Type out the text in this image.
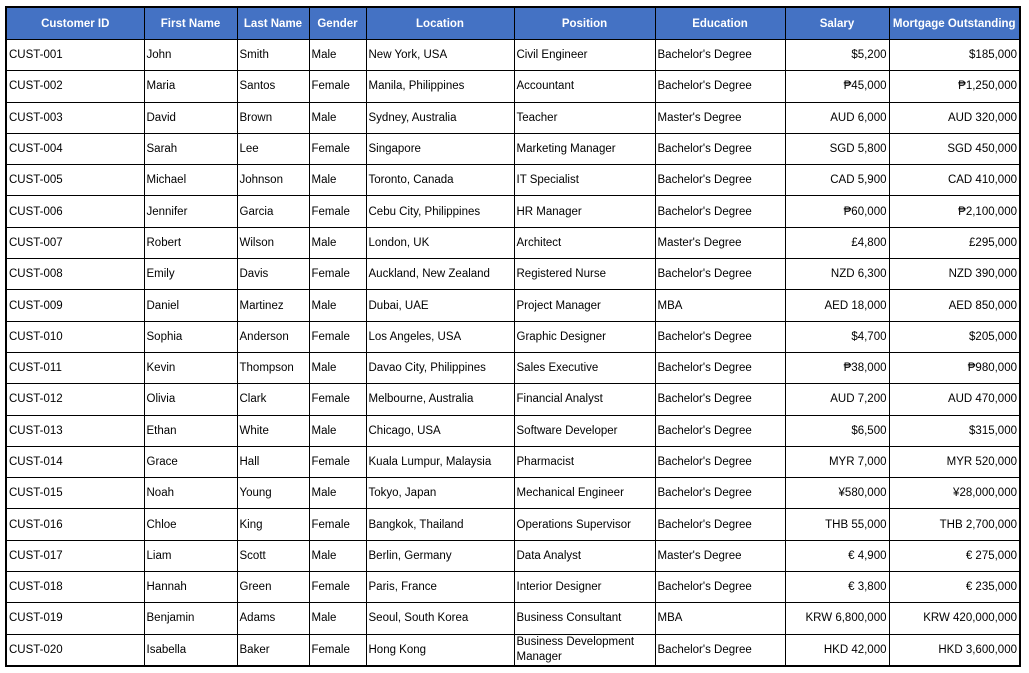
Customer ID	First Name	Last Name	Gender	Location	Position	Education	Salary	Mortgage Outstanding
CUST-001	John	Smith	Male	New York, USA	Civil Engineer	Bachelor's Degree	$5,200	$185,000
CUST-002	Maria	Santos	Female	Manila, Philippines	Accountant	Bachelor's Degree	₱45,000	₱1,250,000
CUST-003	David	Brown	Male	Sydney, Australia	Teacher	Master's Degree	AUD 6,000	AUD 320,000
CUST-004	Sarah	Lee	Female	Singapore	Marketing Manager	Bachelor's Degree	SGD 5,800	SGD 450,000
CUST-005	Michael	Johnson	Male	Toronto, Canada	IT Specialist	Bachelor's Degree	CAD 5,900	CAD 410,000
CUST-006	Jennifer	Garcia	Female	Cebu City, Philippines	HR Manager	Bachelor's Degree	₱60,000	₱2,100,000
CUST-007	Robert	Wilson	Male	London, UK	Architect	Master's Degree	£4,800	£295,000
CUST-008	Emily	Davis	Female	Auckland, New Zealand	Registered Nurse	Bachelor's Degree	NZD 6,300	NZD 390,000
CUST-009	Daniel	Martinez	Male	Dubai, UAE	Project Manager	MBA	AED 18,000	AED 850,000
CUST-010	Sophia	Anderson	Female	Los Angeles, USA	Graphic Designer	Bachelor's Degree	$4,700	$205,000
CUST-011	Kevin	Thompson	Male	Davao City, Philippines	Sales Executive	Bachelor's Degree	₱38,000	₱980,000
CUST-012	Olivia	Clark	Female	Melbourne, Australia	Financial Analyst	Bachelor's Degree	AUD 7,200	AUD 470,000
CUST-013	Ethan	White	Male	Chicago, USA	Software Developer	Bachelor's Degree	$6,500	$315,000
CUST-014	Grace	Hall	Female	Kuala Lumpur, Malaysia	Pharmacist	Bachelor's Degree	MYR 7,000	MYR 520,000
CUST-015	Noah	Young	Male	Tokyo, Japan	Mechanical Engineer	Bachelor's Degree	¥580,000	¥28,000,000
CUST-016	Chloe	King	Female	Bangkok, Thailand	Operations Supervisor	Bachelor's Degree	THB 55,000	THB 2,700,000
CUST-017	Liam	Scott	Male	Berlin, Germany	Data Analyst	Master's Degree	€ 4,900	€ 275,000
CUST-018	Hannah	Green	Female	Paris, France	Interior Designer	Bachelor's Degree	€ 3,800	€ 235,000
CUST-019	Benjamin	Adams	Male	Seoul, South Korea	Business Consultant	MBA	KRW 6,800,000	KRW 420,000,000
CUST-020	Isabella	Baker	Female	Hong Kong	Business Development Manager	Bachelor's Degree	HKD 42,000	HKD 3,600,000
